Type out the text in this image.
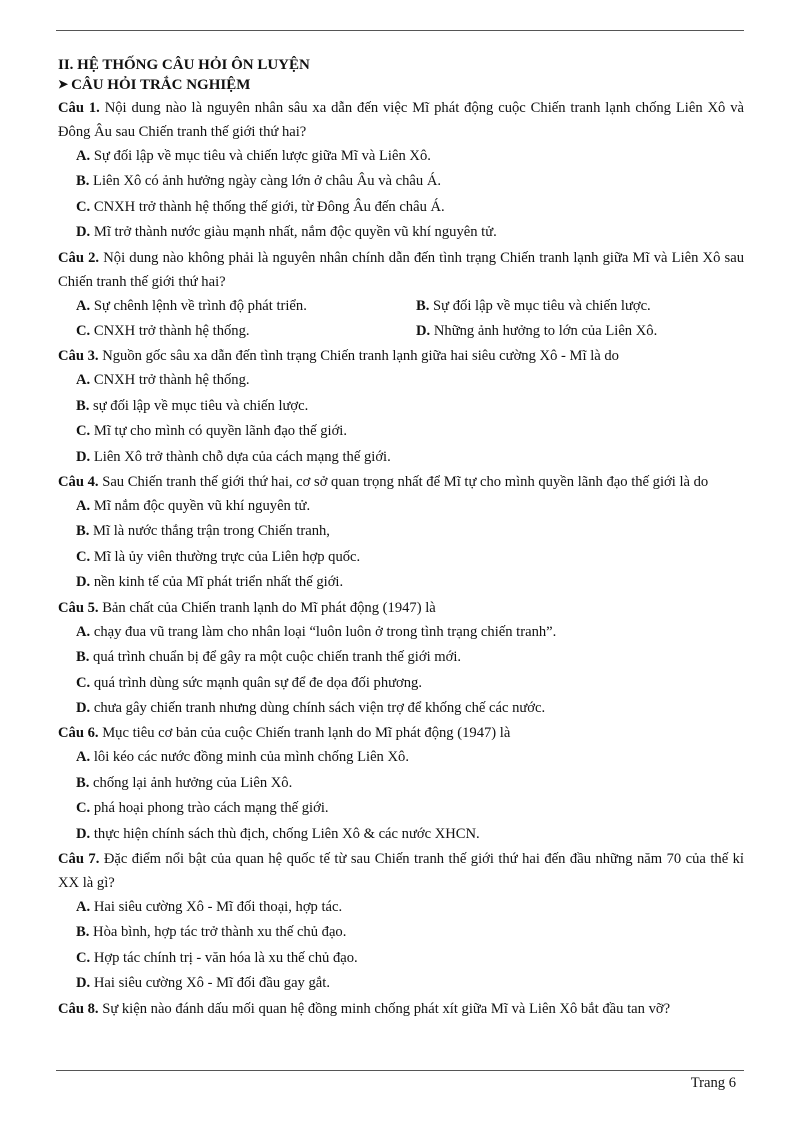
II. HỆ THỐNG CÂU HỎI ÔN LUYỆN

➤ CÂU HỎI TRẮC NGHIỆM

Câu 1. Nội dung nào là nguyên nhân sâu xa dẫn đến việc Mĩ phát động cuộc Chiến tranh lạnh chống Liên Xô và Đông Âu sau Chiến tranh thế giới thứ hai?

A. Sự đối lập về mục tiêu và chiến lược giữa Mĩ và Liên Xô.

B. Liên Xô có ảnh hưởng ngày càng lớn ở châu Âu và châu Á.

C. CNXH trở thành hệ thống thế giới, từ Đông Âu đến châu Á.

D. Mĩ trở thành nước giàu mạnh nhất, nắm độc quyền vũ khí nguyên tử.

Câu 2. Nội dung nào không phải là nguyên nhân chính dẫn đến tình trạng Chiến tranh lạnh giữa Mĩ và Liên Xô sau Chiến tranh thế giới thứ hai?

A. Sự chênh lệnh về trình độ phát triển.	B. Sự đối lập về mục tiêu và chiến lược.

C. CNXH trở thành hệ thống.	D. Những ảnh hưởng to lớn của Liên Xô.

Câu 3. Nguồn gốc sâu xa dẫn đến tình trạng Chiến tranh lạnh giữa hai siêu cường Xô - Mĩ là do

A. CNXH trở thành hệ thống.

B. sự đối lập về mục tiêu và chiến lược.

C. Mĩ tự cho mình có quyền lãnh đạo thế giới.

D. Liên Xô trở thành chỗ dựa của cách mạng thế giới.

Câu 4. Sau Chiến tranh thế giới thứ hai, cơ sở quan trọng nhất để Mĩ tự cho mình quyền lãnh đạo thế giới là do

A. Mĩ nắm độc quyền vũ khí nguyên tử.

B. Mĩ là nước thắng trận trong Chiến tranh,

C. Mĩ là ủy viên thường trực của Liên hợp quốc.

D. nền kinh tế của Mĩ phát triển nhất thế giới.

Câu 5. Bản chất của Chiến tranh lạnh do Mĩ phát động (1947) là

A. chạy đua vũ trang làm cho nhân loại “luôn luôn ở trong tình trạng chiến tranh”.

B. quá trình chuẩn bị để gây ra một cuộc chiến tranh thế giới mới.

C. quá trình dùng sức mạnh quân sự để đe dọa đối phương.

D. chưa gây chiến tranh nhưng dùng chính sách viện trợ để khống chế các nước.

Câu 6. Mục tiêu cơ bản của cuộc Chiến tranh lạnh do Mĩ phát động (1947) là

A. lôi kéo các nước đồng minh của mình chống Liên Xô.

B. chống lại ảnh hưởng của Liên Xô.

C. phá hoại phong trào cách mạng thế giới.

D. thực hiện chính sách thù địch, chống Liên Xô & các nước XHCN.

Câu 7. Đặc điểm nổi bật của quan hệ quốc tế từ sau Chiến tranh thế giới thứ hai đến đầu những năm 70 của thế kỉ XX là gì?

A. Hai siêu cường Xô - Mĩ đối thoại, hợp tác.

B. Hòa bình, hợp tác trở thành xu thế chủ đạo.

C. Hợp tác chính trị - văn hóa là xu thế chủ đạo.

D. Hai siêu cường Xô - Mĩ đối đầu gay gắt.

Câu 8. Sự kiện nào đánh dấu mối quan hệ đồng minh chống phát xít giữa Mĩ và Liên Xô bắt đầu tan vỡ?

Trang 6
